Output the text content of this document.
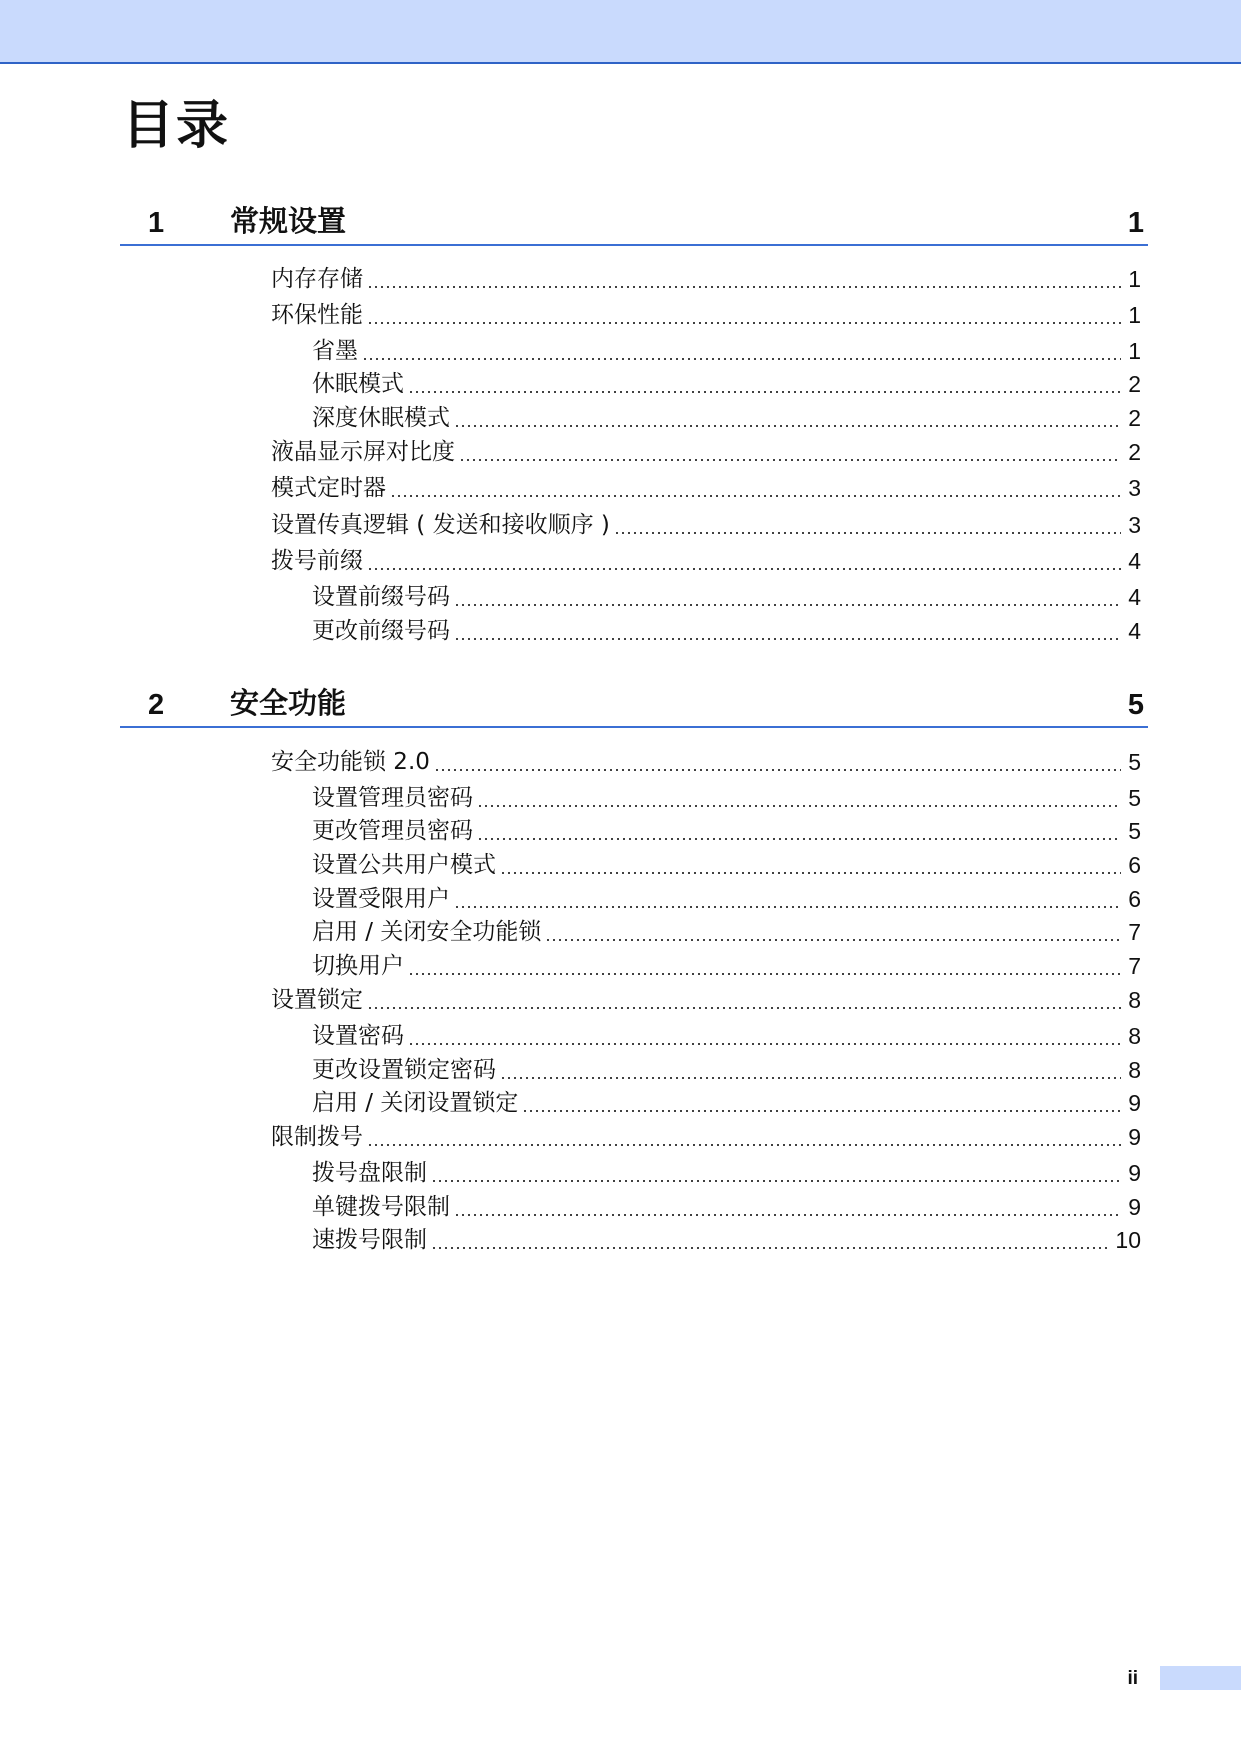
目录
1 常规设置	1
内存存储	1
环保性能	1
省墨	1
休眠模式	2
深度休眠模式	2
液晶显示屏对比度	2
模式定时器	3
设置传真逻辑 ( 发送和接收顺序 )	3
拨号前缀	4
设置前缀号码	4
更改前缀号码	4
2 安全功能	5
安全功能锁 2.0	5
设置管理员密码	5
更改管理员密码	5
设置公共用户模式	6
设置受限用户	6
启用 / 关闭安全功能锁	7
切换用户	7
设置锁定	8
设置密码	8
更改设置锁定密码	8
启用 / 关闭设置锁定	9
限制拨号	9
拨号盘限制	9
单键拨号限制	9
速拨号限制	10
ii
